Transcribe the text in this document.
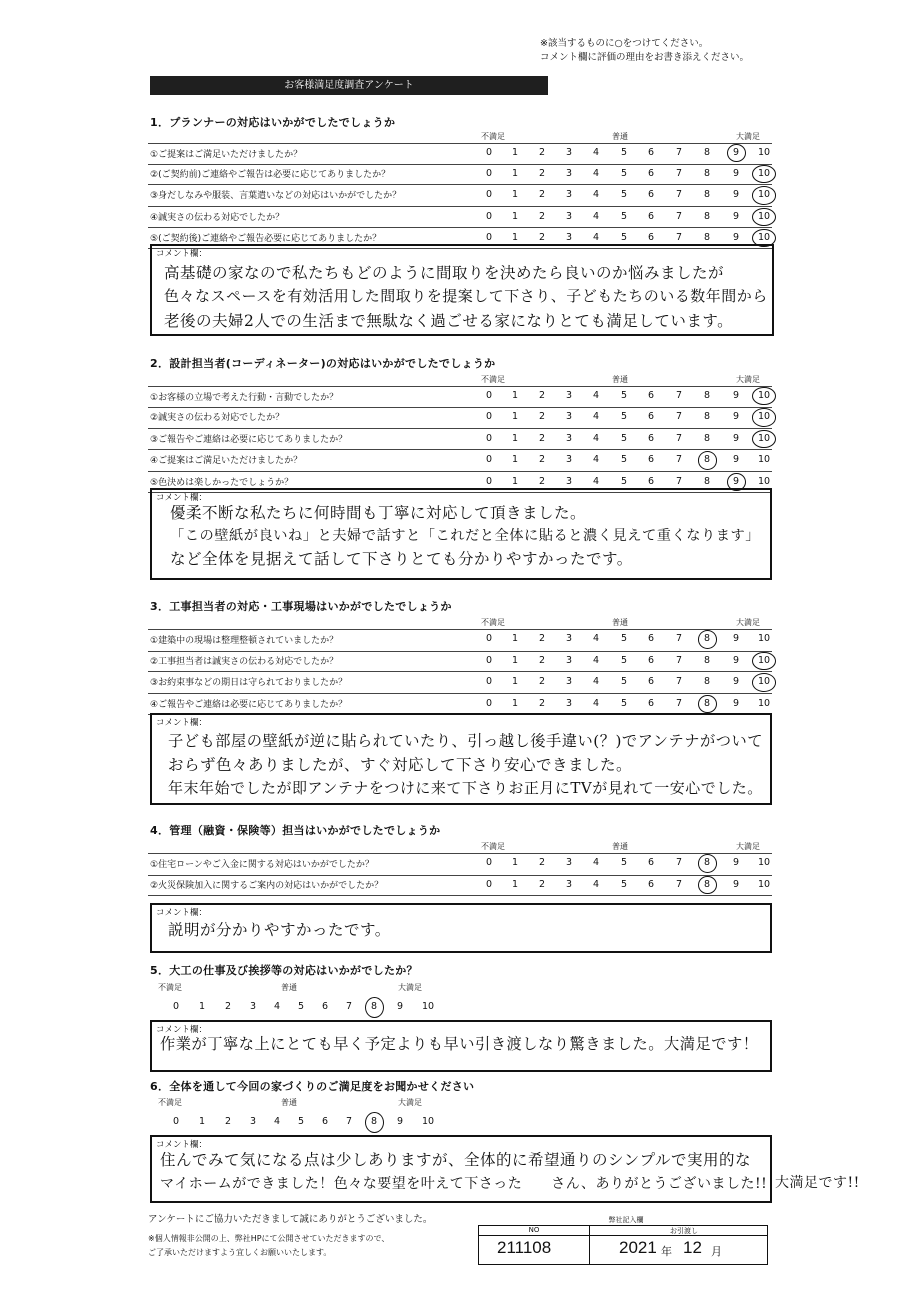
※該当するものに○をつけてください。
コメント欄に評価の理由をお書き添えください。
お客様満足度調査アンケート
1．プランナーの対応はいかがでしたでしょうか
不満足	普通	大満足
①ご提案はご満足いただけましたか？	0	1	2	3	4	5	6	7	8	9	10
②(ご契約前)ご連絡やご報告は必要に応じてありましたか？	0	1	2	3	4	5	6	7	8	9	10
③身だしなみや服装、言葉遣いなどの対応はいかがでしたか？	0	1	2	3	4	5	6	7	8	9	10
④誠実さの伝わる対応でしたか？	0	1	2	3	4	5	6	7	8	9	10
⑤(ご契約後)ご連絡やご報告必要に応じてありましたか？	0	1	2	3	4	5	6	7	8	9	10
コメント欄：
高基礎の家なので私たちもどのように間取りを決めたら良いのか悩みましたが
色々なスペースを有効活用した間取りを提案して下さり、子どもたちのいる数年間から
老後の夫婦2人での生活まで無駄なく過ごせる家になりとても満足しています。
2．設計担当者(コーディネーター)の対応はいかがでしたでしょうか
不満足	普通	大満足
①お客様の立場で考えた行動・言動でしたか？	0	1	2	3	4	5	6	7	8	9	10
②誠実さの伝わる対応でしたか？	0	1	2	3	4	5	6	7	8	9	10
③ご報告やご連絡は必要に応じてありましたか？	0	1	2	3	4	5	6	7	8	9	10
④ご提案はご満足いただけましたか？	0	1	2	3	4	5	6	7	8	9	10
⑤色決めは楽しかったでしょうか？	0	1	2	3	4	5	6	7	8	9	10
コメント欄：
優柔不断な私たちに何時間も丁寧に対応して頂きました。
「この壁紙が良いね」と夫婦で話すと「これだと全体に貼ると濃く見えて重くなります」
など全体を見据えて話して下さりとても分かりやすかったです。
3．工事担当者の対応・工事現場はいかがでしたでしょうか
不満足	普通	大満足
①建築中の現場は整理整頓されていましたか？	0	1	2	3	4	5	6	7	8	9	10
②工事担当者は誠実さの伝わる対応でしたか？	0	1	2	3	4	5	6	7	8	9	10
③お約束事などの期日は守られておりましたか？	0	1	2	3	4	5	6	7	8	9	10
④ご報告やご連絡は必要に応じてありましたか？	0	1	2	3	4	5	6	7	8	9	10
コメント欄：
子ども部屋の壁紙が逆に貼られていたり、引っ越し後手違い(？)でアンテナがついて
おらず色々ありましたが、すぐ対応して下さり安心できました。
年末年始でしたが即アンテナをつけに来て下さりお正月にTVが見れて一安心でした。
4．管理（融資・保険等）担当はいかがでしたでしょうか
不満足	普通	大満足
①住宅ローンやご入金に関する対応はいかがでしたか？	0	1	2	3	4	5	6	7	8	9	10
②火災保険加入に関するご案内の対応はいかがでしたか？	0	1	2	3	4	5	6	7	8	9	10
コメント欄：
説明が分かりやすかったです。
5．大工の仕事及び挨拶等の対応はいかがでしたか？
不満足	普通	大満足
0	1	2	3	4	5	6	7	8	9	10
コメント欄：
作業が丁寧な上にとても早く予定よりも早い引き渡しなり驚きました。大満足です！
6．全体を通して今回の家づくりのご満足度をお聞かせください
不満足	普通	大満足
0	1	2	3	4	5	6	7	8	9	10
コメント欄：
住んでみて気になる点は少しありますが、全体的に希望通りのシンプルで実用的な
マイホームができました！色々な要望を叶えて下さった　　さん、ありがとうございました!! 大満足です!!
アンケートにご協力いただきまして誠にありがとうございました。
※個人情報非公開の上、弊社HPにて公開させていただきますので、
ご了承いただけますよう宜しくお願いいたします。
弊社記入欄
NO	お引渡し
211108	2021 年 12 月
